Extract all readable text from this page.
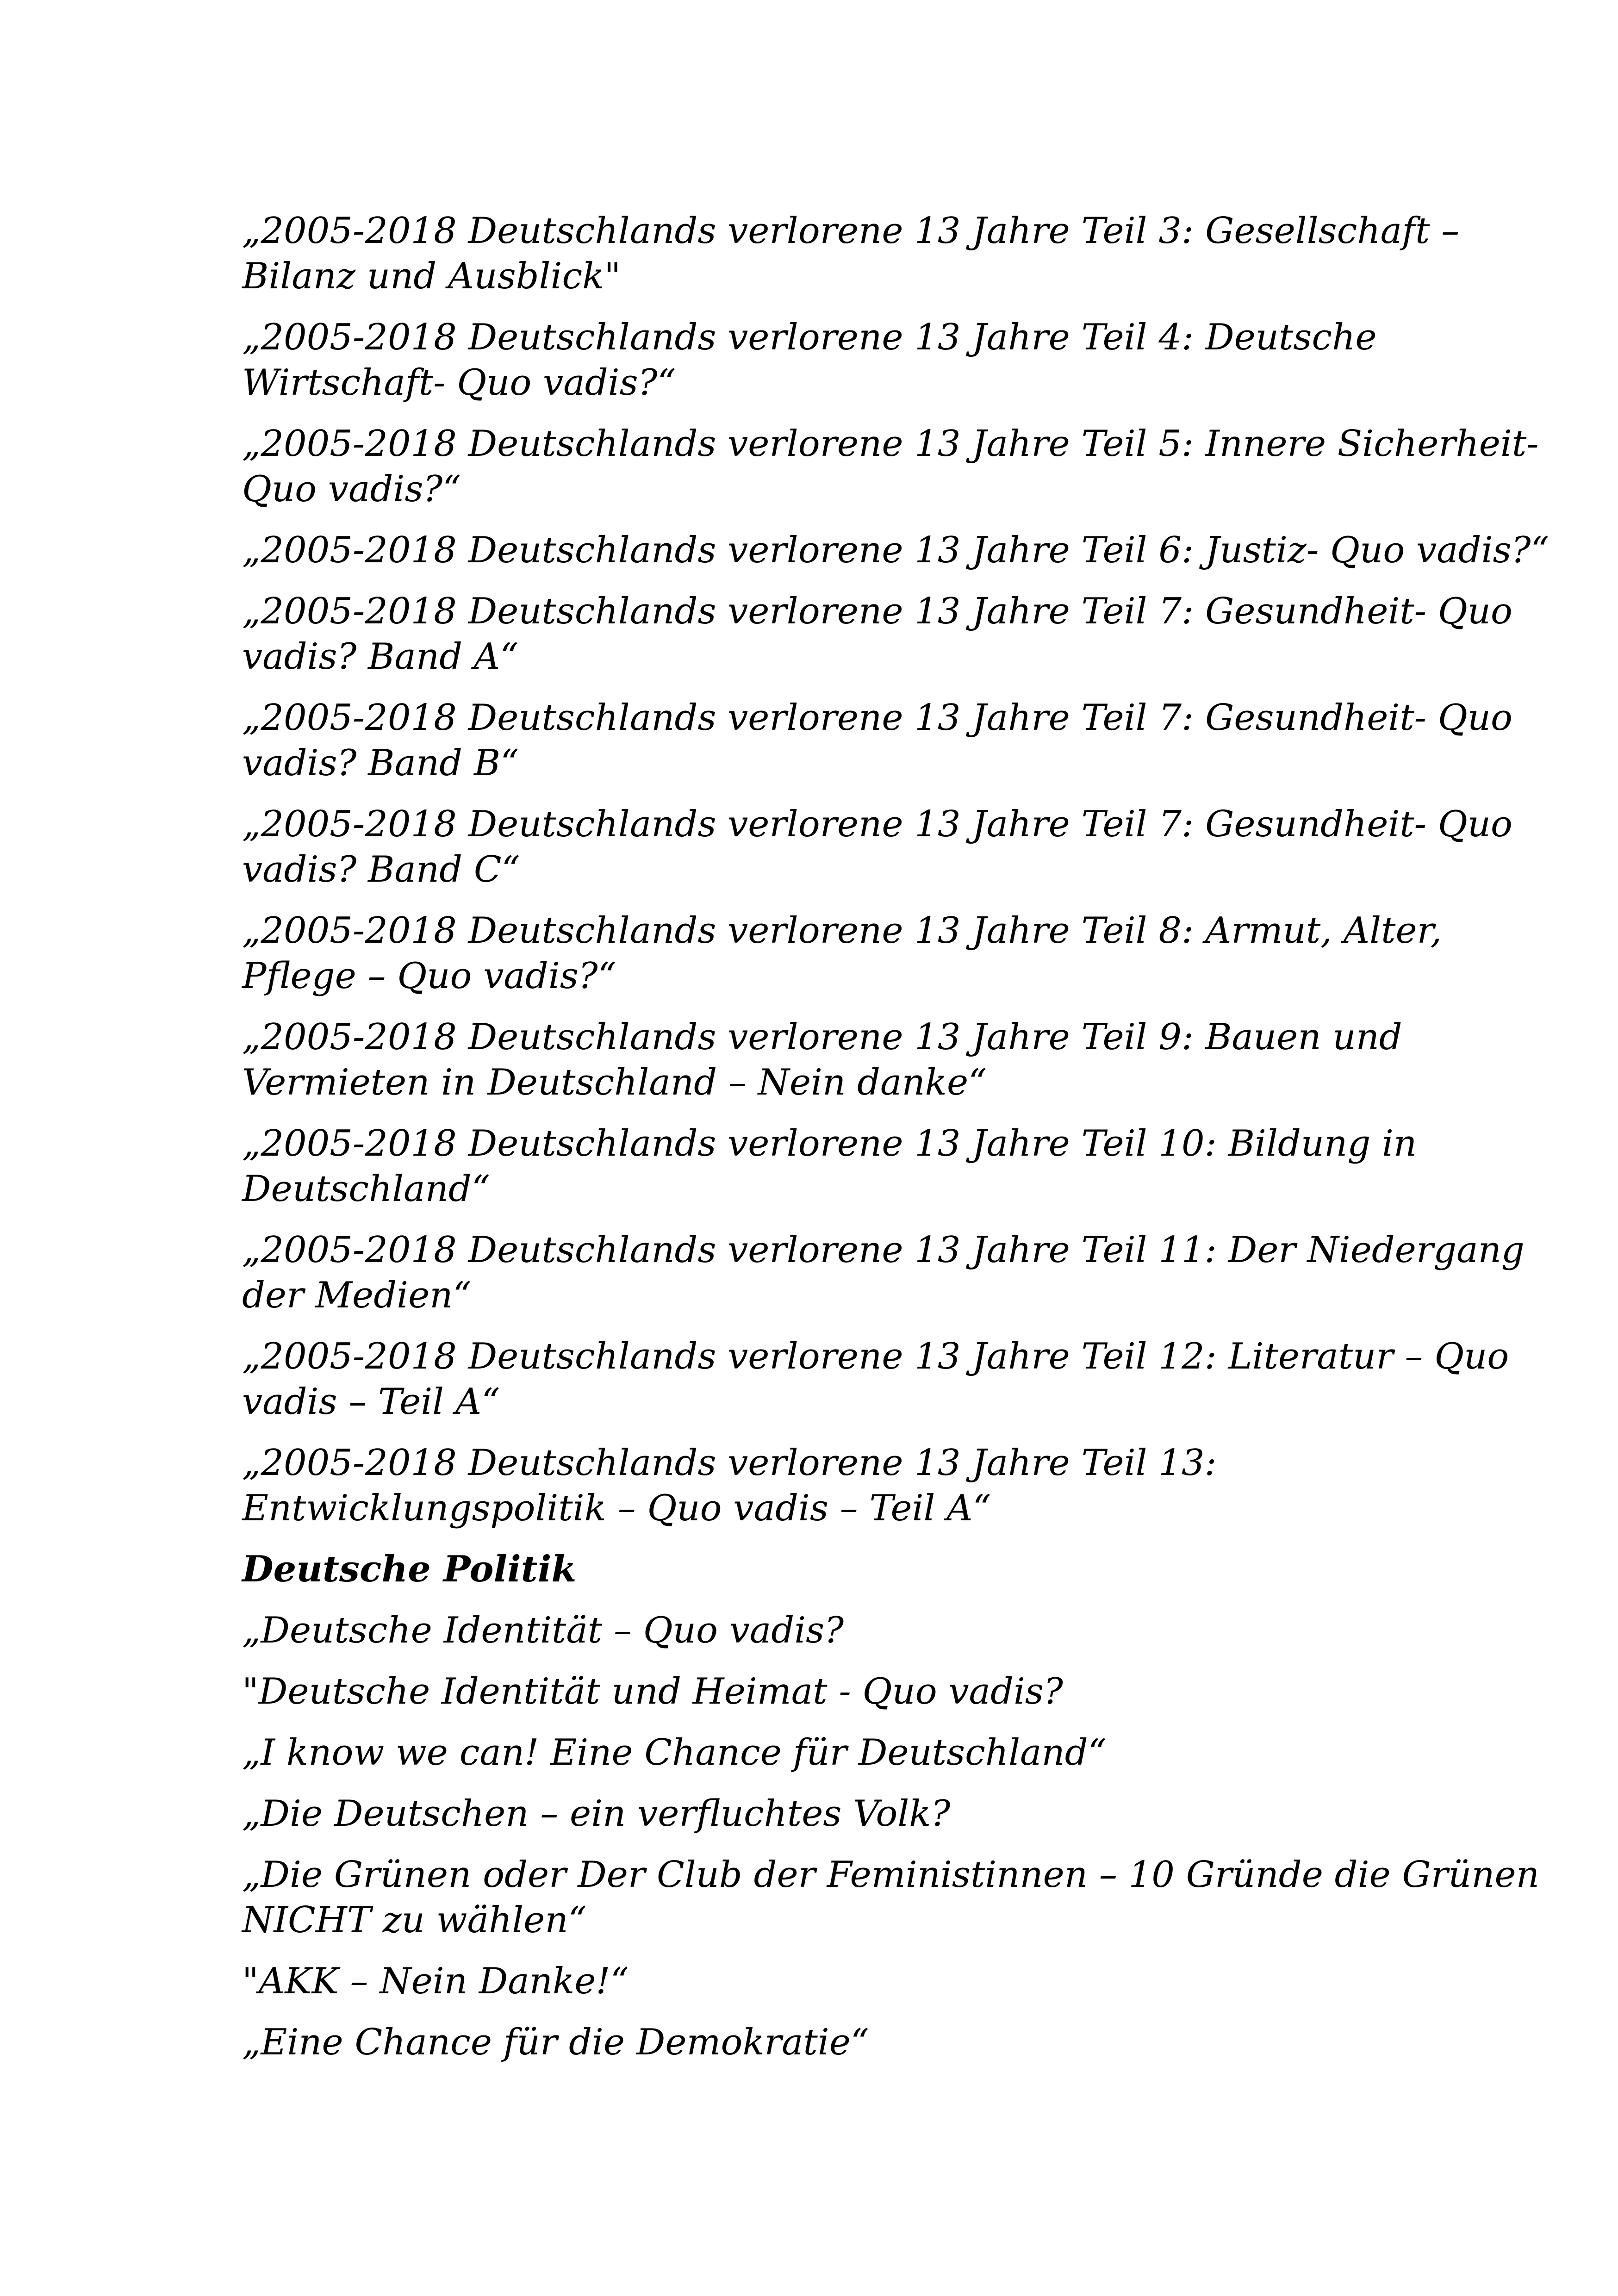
„2005-2018 Deutschlands verlorene 13 Jahre Teil 3: Gesellschaft –
Bilanz und Ausblick"

„2005-2018 Deutschlands verlorene 13 Jahre Teil 4: Deutsche
Wirtschaft- Quo vadis?“

„2005-2018 Deutschlands verlorene 13 Jahre Teil 5: Innere Sicherheit-
Quo vadis?“

„2005-2018 Deutschlands verlorene 13 Jahre Teil 6: Justiz- Quo vadis?“

„2005-2018 Deutschlands verlorene 13 Jahre Teil 7: Gesundheit- Quo
vadis? Band A“

„2005-2018 Deutschlands verlorene 13 Jahre Teil 7: Gesundheit- Quo
vadis? Band B“

„2005-2018 Deutschlands verlorene 13 Jahre Teil 7: Gesundheit- Quo
vadis? Band C“

„2005-2018 Deutschlands verlorene 13 Jahre Teil 8: Armut, Alter,
Pflege – Quo vadis?“

„2005-2018 Deutschlands verlorene 13 Jahre Teil 9: Bauen und
Vermieten in Deutschland – Nein danke“

„2005-2018 Deutschlands verlorene 13 Jahre Teil 10: Bildung in
Deutschland“

„2005-2018 Deutschlands verlorene 13 Jahre Teil 11: Der Niedergang
der Medien“

„2005-2018 Deutschlands verlorene 13 Jahre Teil 12: Literatur – Quo
vadis – Teil A“

„2005-2018 Deutschlands verlorene 13 Jahre Teil 13:
Entwicklungspolitik – Quo vadis – Teil A“

Deutsche Politik

„Deutsche Identität – Quo vadis?

"Deutsche Identität und Heimat - Quo vadis?

„I know we can! Eine Chance für Deutschland“

„Die Deutschen – ein verfluchtes Volk?

„Die Grünen oder Der Club der Feministinnen – 10 Gründe die Grünen
NICHT zu wählen“

"AKK – Nein Danke!“

„Eine Chance für die Demokratie“
